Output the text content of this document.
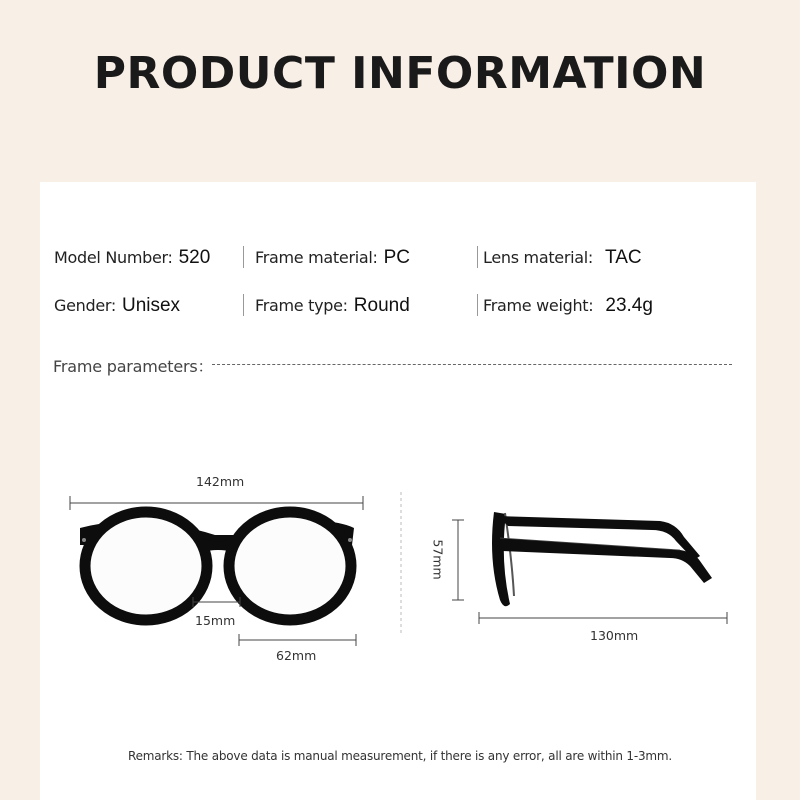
PRODUCT INFORMATION
Model Number: 520	Frame material: PC	Lens material: TAC
Gender: Unisex	Frame type: Round	Frame weight: 23.4g
Frame parameters：
142mm
15mm
62mm
57mm
130mm
Remarks: The above data is manual measurement, if there is any error, all are within 1-3mm.
